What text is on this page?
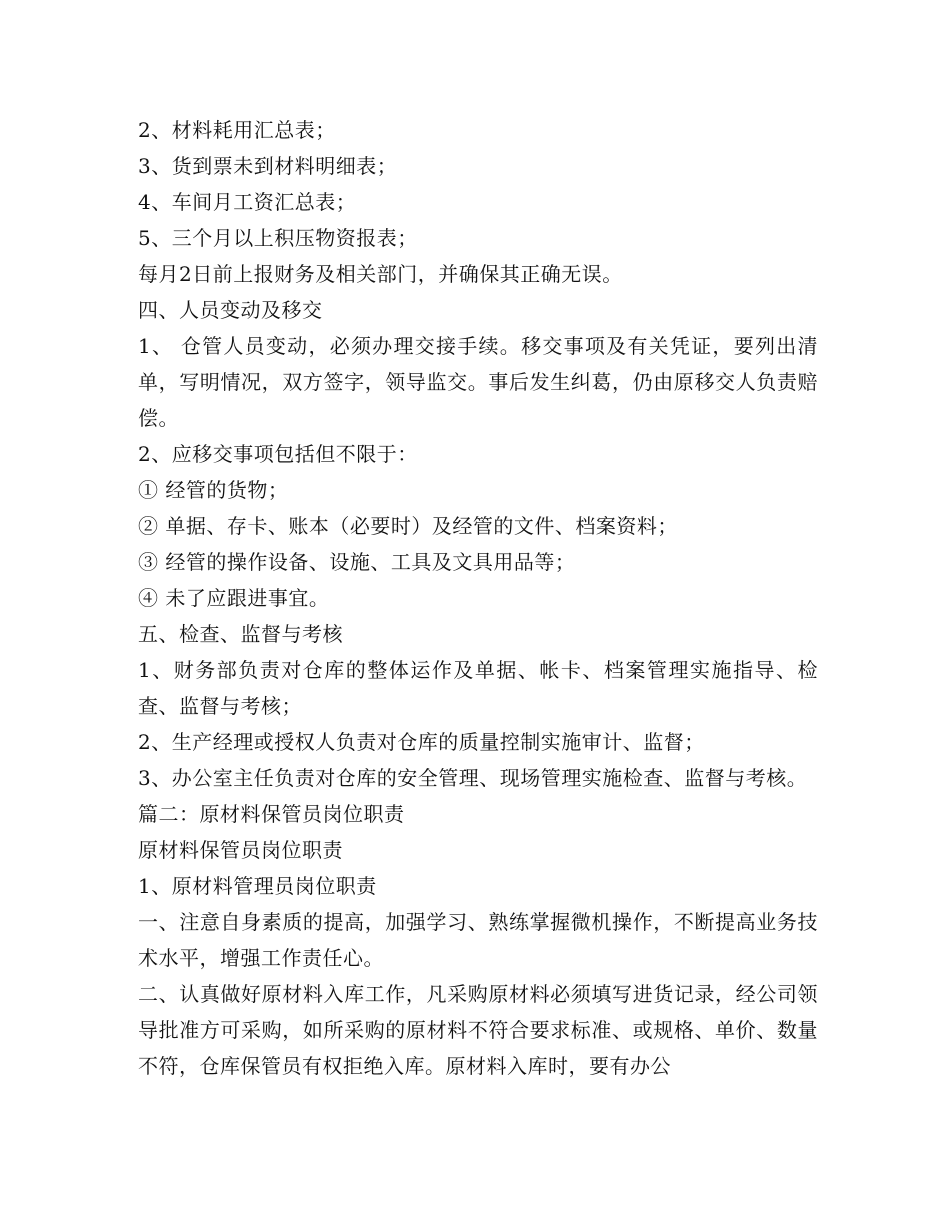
2、材料耗用汇总表；
3、货到票未到材料明细表；
4、车间月工资汇总表；
5、三个月以上积压物资报表；
每月2日前上报财务及相关部门，并确保其正确无误。
四、人员变动及移交
1、 仓管人员变动，必须办理交接手续。移交事项及有关凭证，要列出清单，写明情况，双方签字，领导监交。事后发生纠葛，仍由原移交人负责赔偿。
2、应移交事项包括但不限于：
① 经管的货物；
② 单据、存卡、账本（必要时）及经管的文件、档案资料；
③ 经管的操作设备、设施、工具及文具用品等；
④ 未了应跟进事宜。
五、检查、监督与考核
1、财务部负责对仓库的整体运作及单据、帐卡、档案管理实施指导、检查、监督与考核；
2、生产经理或授权人负责对仓库的质量控制实施审计、监督；
3、办公室主任负责对仓库的安全管理、现场管理实施检查、监督与考核。
篇二：原材料保管员岗位职责
原材料保管员岗位职责
1、原材料管理员岗位职责
一、注意自身素质的提高，加强学习、熟练掌握微机操作，不断提高业务技术水平，增强工作责任心。
二、认真做好原材料入库工作，凡采购原材料必须填写进货记录，经公司领导批准方可采购，如所采购的原材料不符合要求标准、或规格、单价、数量不符，仓库保管员有权拒绝入库。原材料入库时，要有办公
